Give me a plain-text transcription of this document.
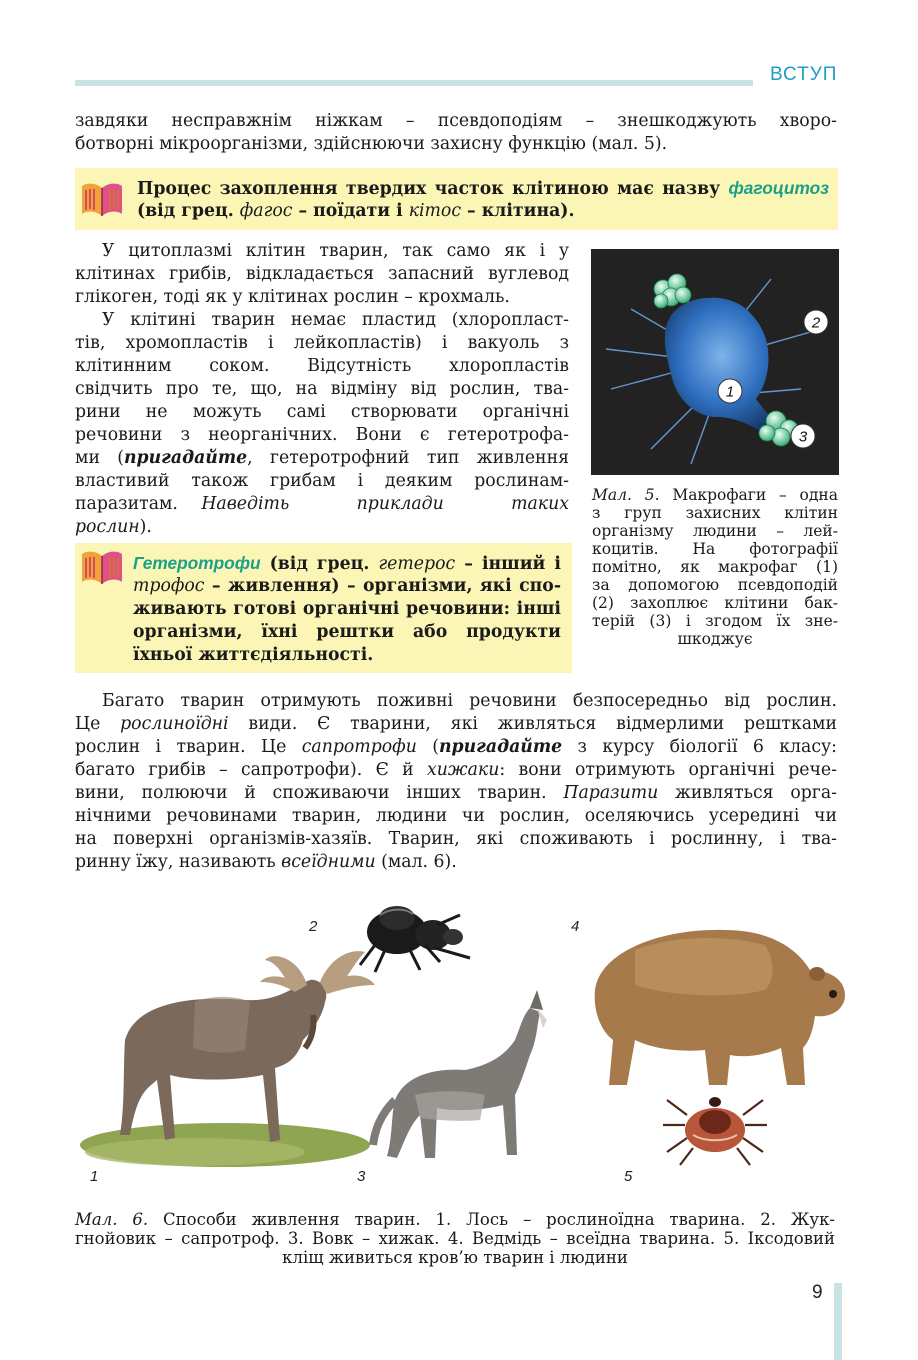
ВСТУП

завдяки несправжнім ніжкам – псевдоподіям – знешкоджують хворо-

ботворні мікроорганізми, здійснюючи захисну функцію (мал. 5).

Процес захоплення твердих часток клітиною має назву фагоцитоз

(від грец. фагос – поїдати і кітос – клітина).

У цитоплазмі клітин тварин, так само як і у

клітинах грибів, відкладається запасний вуглевод

глікоген, тоді як у клітинах рослин – крохмаль.

У клітині тварин немає пластид (хлоропласт-

тів, хромопластів і лейкопластів) і вакуоль з

клітинним соком. Відсутність хлоропластів

свідчить про те, що, на відміну від рослин, тва-

рини не можуть самі створювати органічні

речовини з неорганічних. Вони є гетеротрофа-

ми (пригадайте, гетеротрофний тип живлення

властивий також грибам і деяким рослинам-

паразитам. Наведіть приклади таких

рослин).

Гетеротрофи (від грец. гетерос – інший і

трофос – живлення) – організми, які спо-

живають готові органічні речовини: інші

організми, їхні рештки або продукти

їхньої життєдіяльності.

1
2
3

Мал. 5. Макрофаги – одна

з груп захисних клітин

організму людини – лей-

коцитів. На фотографії

помітно, як макрофаг (1)

за допомогою псевдоподій

(2) захоплює клітини бак-

терій (3) і згодом їх зне-

шкоджує

Багато тварин отримують поживні речовини безпосередньо від рослин.

Це рослиноїдні види. Є тварини, які живляться відмерлими рештками

рослин і тварин. Це сапротрофи (пригадайте з курсу біології 6 класу:

багато грибів – сапротрофи). Є й хижаки: вони отримують органічні рече-

вини, полюючи й споживаючи інших тварин. Паразити живляться орга-

нічними речовинами тварин, людини чи рослин, оселяючись усередині чи

на поверхні організмів-хазяїв. Тварин, які споживають і рослинну, і тва-

ринну їжу, називають всеїдними (мал. 6).

1
2
3
4
5

Мал. 6. Способи живлення тварин. 1. Лось – рослиноїдна тварина. 2. Жук-

гнойовик – сапротроф. 3. Вовк – хижак. 4. Ведмідь – всеїдна тварина. 5. Іксодовий

кліщ живиться кров’ю тварин і людини

9
